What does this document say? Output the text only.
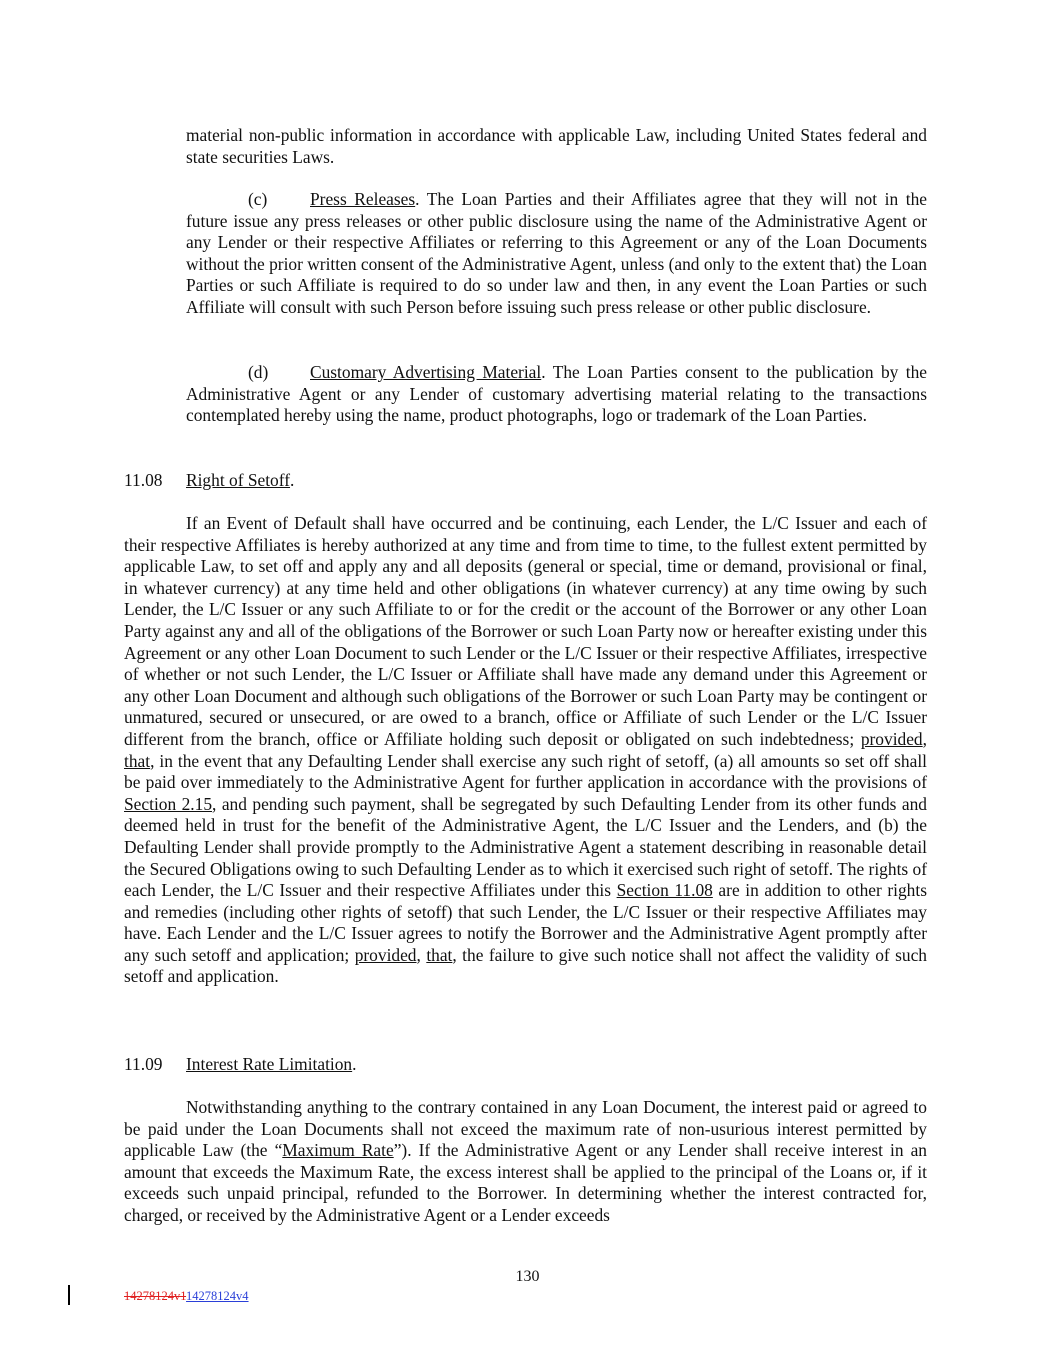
material non-public information in accordance with applicable Law, including United States federal and state securities Laws.

(c) Press Releases. The Loan Parties and their Affiliates agree that they will not in the future issue any press releases or other public disclosure using the name of the Administrative Agent or any Lender or their respective Affiliates or referring to this Agreement or any of the Loan Documents without the prior written consent of the Administrative Agent, unless (and only to the extent that) the Loan Parties or such Affiliate is required to do so under law and then, in any event the Loan Parties or such Affiliate will consult with such Person before issuing such press release or other public disclosure.

(d) Customary Advertising Material. The Loan Parties consent to the publication by the Administrative Agent or any Lender of customary advertising material relating to the transactions contemplated hereby using the name, product photographs, logo or trademark of the Loan Parties.

11.08 Right of Setoff.

If an Event of Default shall have occurred and be continuing, each Lender, the L/C Issuer and each of their respective Affiliates is hereby authorized at any time and from time to time, to the fullest extent permitted by applicable Law, to set off and apply any and all deposits (general or special, time or demand, provisional or final, in whatever currency) at any time held and other obligations (in whatever currency) at any time owing by such Lender, the L/C Issuer or any such Affiliate to or for the credit or the account of the Borrower or any other Loan Party against any and all of the obligations of the Borrower or such Loan Party now or hereafter existing under this Agreement or any other Loan Document to such Lender or the L/C Issuer or their respective Affiliates, irrespective of whether or not such Lender, the L/C Issuer or Affiliate shall have made any demand under this Agreement or any other Loan Document and although such obligations of the Borrower or such Loan Party may be contingent or unmatured, secured or unsecured, or are owed to a branch, office or Affiliate of such Lender or the L/C Issuer different from the branch, office or Affiliate holding such deposit or obligated on such indebtedness; provided, that, in the event that any Defaulting Lender shall exercise any such right of setoff, (a) all amounts so set off shall be paid over immediately to the Administrative Agent for further application in accordance with the provisions of Section 2.15, and pending such payment, shall be segregated by such Defaulting Lender from its other funds and deemed held in trust for the benefit of the Administrative Agent, the L/C Issuer and the Lenders, and (b) the Defaulting Lender shall provide promptly to the Administrative Agent a statement describing in reasonable detail the Secured Obligations owing to such Defaulting Lender as to which it exercised such right of setoff. The rights of each Lender, the L/C Issuer and their respective Affiliates under this Section 11.08 are in addition to other rights and remedies (including other rights of setoff) that such Lender, the L/C Issuer or their respective Affiliates may have. Each Lender and the L/C Issuer agrees to notify the Borrower and the Administrative Agent promptly after any such setoff and application; provided, that, the failure to give such notice shall not affect the validity of such setoff and application.

11.09 Interest Rate Limitation.

Notwithstanding anything to the contrary contained in any Loan Document, the interest paid or agreed to be paid under the Loan Documents shall not exceed the maximum rate of non-usurious interest permitted by applicable Law (the “Maximum Rate”). If the Administrative Agent or any Lender shall receive interest in an amount that exceeds the Maximum Rate, the excess interest shall be applied to the principal of the Loans or, if it exceeds such unpaid principal, refunded to the Borrower. In determining whether the interest contracted for, charged, or received by the Administrative Agent or a Lender exceeds

130
14278124v114278124v4
